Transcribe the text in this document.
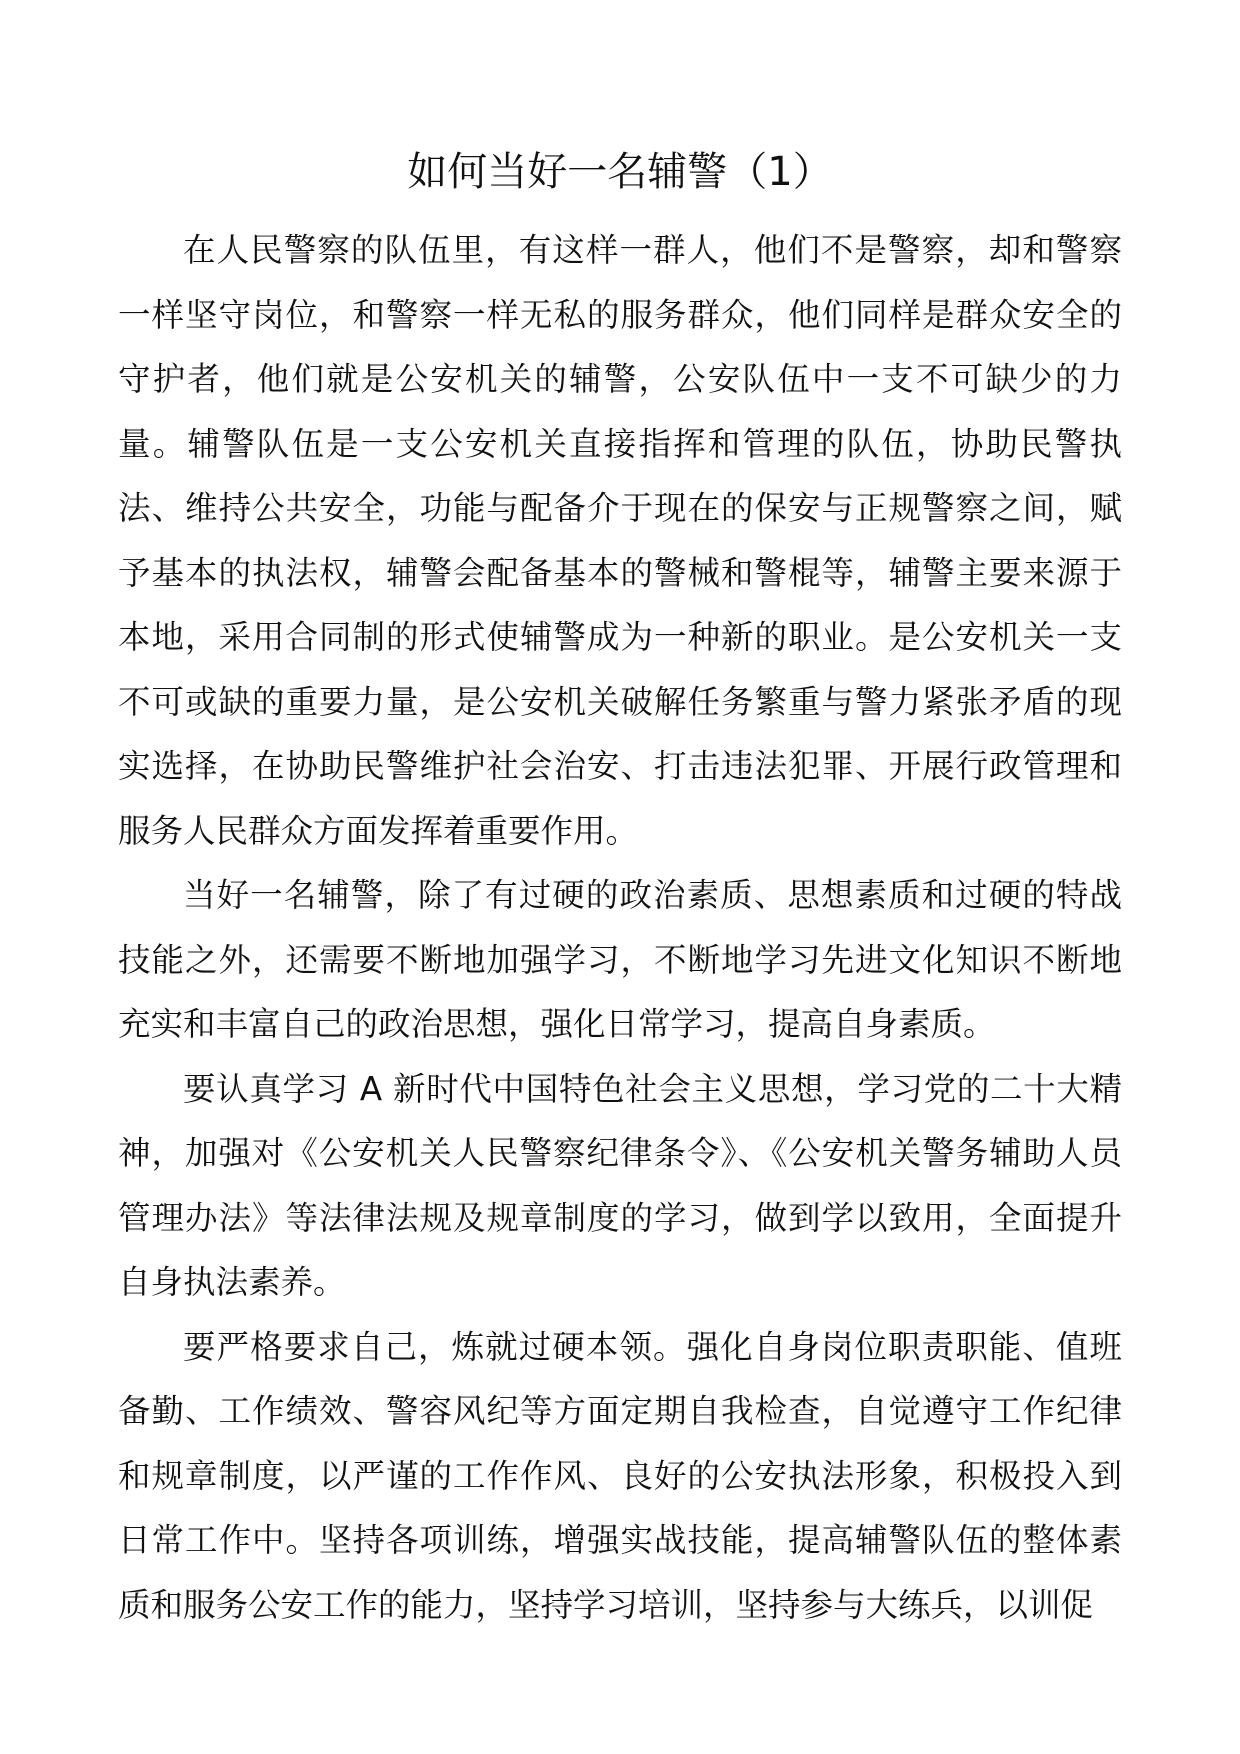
如何当好一名辅警（1）

在人民警察的队伍里，有这样一群人，他们不是警察，却和警察一样坚守岗位，和警察一样无私的服务群众，他们同样是群众安全的守护者，他们就是公安机关的辅警，公安队伍中一支不可缺少的力量。辅警队伍是一支公安机关直接指挥和管理的队伍，协助民警执法、维持公共安全，功能与配备介于现在的保安与正规警察之间，赋予基本的执法权，辅警会配备基本的警械和警棍等，辅警主要来源于本地，采用合同制的形式使辅警成为一种新的职业。是公安机关一支不可或缺的重要力量，是公安机关破解任务繁重与警力紧张矛盾的现实选择，在协助民警维护社会治安、打击违法犯罪、开展行政管理和服务人民群众方面发挥着重要作用。

当好一名辅警，除了有过硬的政治素质、思想素质和过硬的特战技能之外，还需要不断地加强学习，不断地学习先进文化知识不断地充实和丰富自己的政治思想，强化日常学习，提高自身素质。

要认真学习 A 新时代中国特色社会主义思想，学习党的二十大精神，加强对《公安机关人民警察纪律条令》、《公安机关警务辅助人员管理办法》等法律法规及规章制度的学习，做到学以致用，全面提升自身执法素养。

要严格要求自己，炼就过硬本领。强化自身岗位职责职能、值班备勤、工作绩效、警容风纪等方面定期自我检查，自觉遵守工作纪律和规章制度，以严谨的工作作风、良好的公安执法形象，积极投入到日常工作中。坚持各项训练，增强实战技能，提高辅警队伍的整体素质和服务公安工作的能力，坚持学习培训，坚持参与大练兵，以训促
